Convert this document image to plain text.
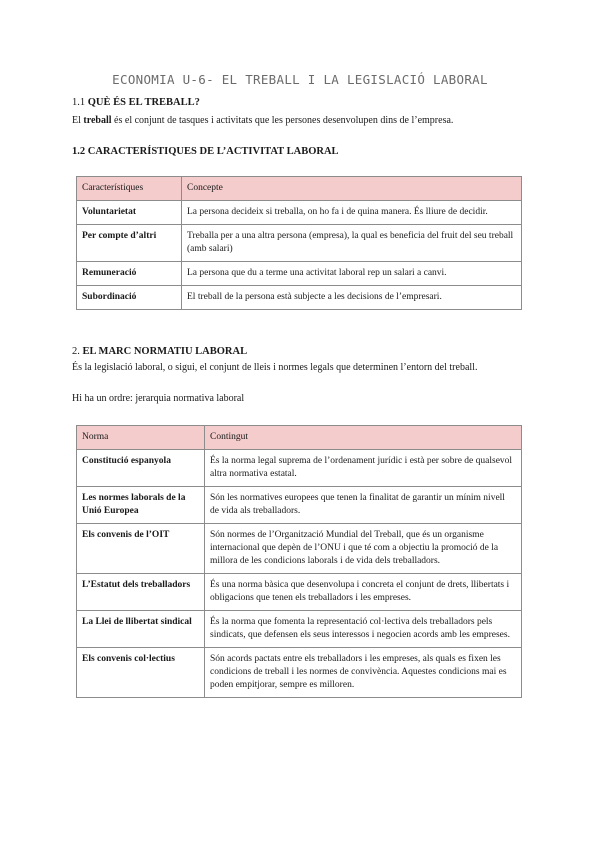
ECONOMIA U-6- EL TREBALL I LA LEGISLACIÓ LABORAL
1.1 QUÈ ÉS EL TREBALL?
El treball és el conjunt de tasques i activitats que les persones desenvolupen dins de l’empresa.
1.2 CARACTERÍSTIQUES DE L’ACTIVITAT LABORAL
Característiques	Concepte
Voluntarietat	La persona decideix si treballa, on ho fa i de quina manera. És lliure de decidir.
Per compte d’altri	Treballa per a una altra persona (empresa), la qual es beneficia del fruit del seu treball (amb salari)
Remuneració	La persona que du a terme una activitat laboral rep un salari a canvi.
Subordinació	El treball de la persona està subjecte a les decisions de l’empresari.
2. EL MARC NORMATIU LABORAL
És la legislació laboral, o sigui, el conjunt de lleis i normes legals que determinen l’entorn del treball.
Hi ha un ordre: jerarquia normativa laboral
Norma	Contingut
Constitució espanyola	És la norma legal suprema de l’ordenament jurídic i està per sobre de qualsevol altra normativa estatal.
Les normes laborals de la Unió Europea	Són les normatives europees que tenen la finalitat de garantir un mínim nivell de vida als treballadors.
Els convenis de l’OIT	Són normes de l’Organització Mundial del Treball, que és un organisme internacional que depèn de l’ONU i que té com a objectiu la promoció de la millora de les condicions laborals i de vida dels treballadors.
L’Estatut dels treballadors	És una norma bàsica que desenvolupa i concreta el conjunt de drets, llibertats i obligacions que tenen els treballadors i les empreses.
La Llei de llibertat sindical	És la norma que fomenta la representació col·lectiva dels treballadors pels sindicats, que defensen els seus interessos i negocien acords amb les empreses.
Els convenis col·lectius	Són acords pactats entre els treballadors i les empreses, als quals es fixen les condicions de treball i les normes de convivència. Aquestes condicions mai es poden empitjorar, sempre es milloren.
